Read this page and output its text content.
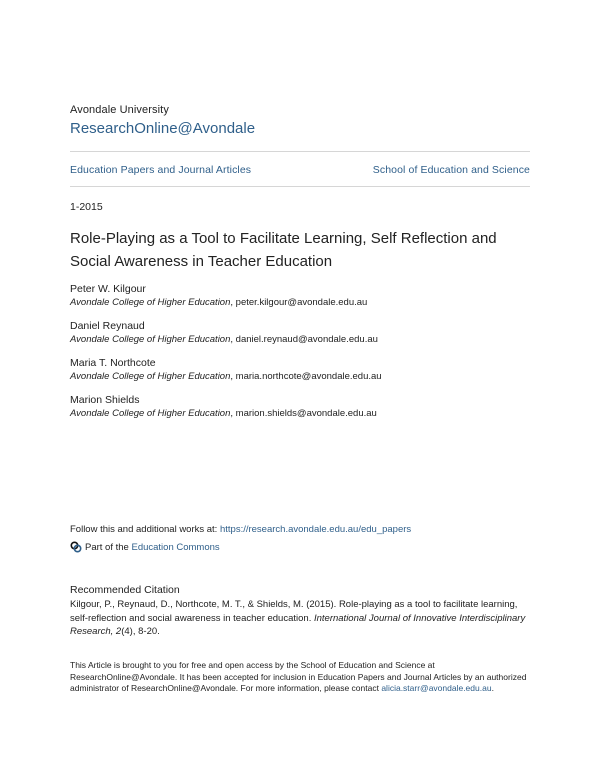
Avondale University
ResearchOnline@Avondale
Education Papers and Journal Articles	School of Education and Science
1-2015
Role-Playing as a Tool to Facilitate Learning, Self Reflection and Social Awareness in Teacher Education
Peter W. Kilgour
Avondale College of Higher Education, peter.kilgour@avondale.edu.au
Daniel Reynaud
Avondale College of Higher Education, daniel.reynaud@avondale.edu.au
Maria T. Northcote
Avondale College of Higher Education, maria.northcote@avondale.edu.au
Marion Shields
Avondale College of Higher Education, marion.shields@avondale.edu.au
Follow this and additional works at: https://research.avondale.edu.au/edu_papers
Part of the
Education Commons
Recommended Citation
Kilgour, P., Reynaud, D., Northcote, M. T., & Shields, M. (2015). Role-playing as a tool to facilitate learning, self-reflection and social awareness in teacher education. International Journal of Innovative Interdisciplinary Research, 2(4), 8-20.
This Article is brought to you for free and open access by the School of Education and Science at ResearchOnline@Avondale. It has been accepted for inclusion in Education Papers and Journal Articles by an authorized administrator of ResearchOnline@Avondale. For more information, please contact alicia.starr@avondale.edu.au.
